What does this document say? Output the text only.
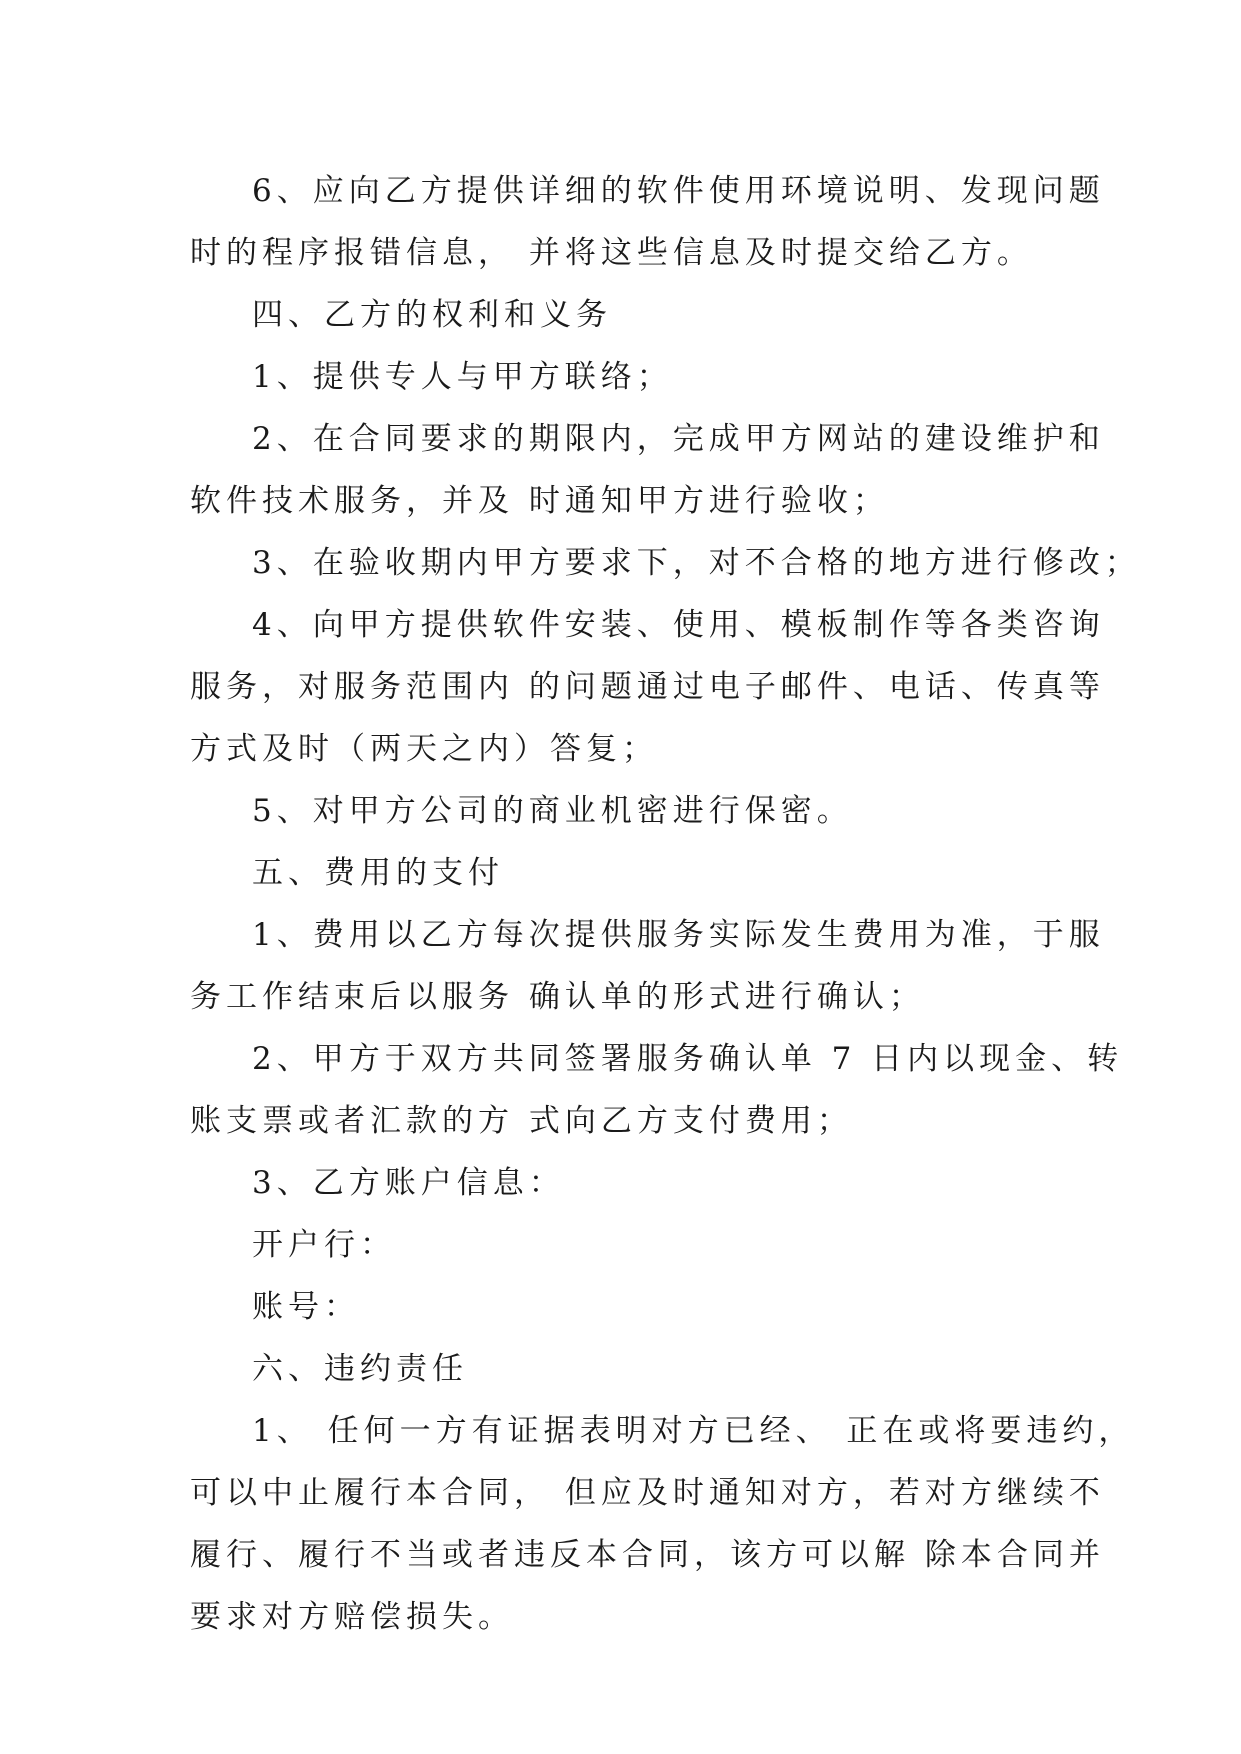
6、应向乙方提供详细的软件使用环境说明、发现问题
时的程序报错信息， 并将这些信息及时提交给乙方。
四、乙方的权利和义务
1、提供专人与甲方联络；
2、在合同要求的期限内，完成甲方网站的建设维护和
软件技术服务，并及 时通知甲方进行验收；
3、在验收期内甲方要求下，对不合格的地方进行修改；
4、向甲方提供软件安装、使用、模板制作等各类咨询
服务，对服务范围内 的问题通过电子邮件、电话、传真等
方式及时（两天之内）答复；
5、对甲方公司的商业机密进行保密。
五、费用的支付
1、费用以乙方每次提供服务实际发生费用为准，于服
务工作结束后以服务 确认单的形式进行确认；
2、甲方于双方共同签署服务确认单 7 日内以现金、转
账支票或者汇款的方 式向乙方支付费用；
3、乙方账户信息：
开户行：
账号：
六、违约责任
1、 任何一方有证据表明对方已经、 正在或将要违约，
可以中止履行本合同， 但应及时通知对方，若对方继续不
履行、履行不当或者违反本合同，该方可以解 除本合同并
要求对方赔偿损失。
